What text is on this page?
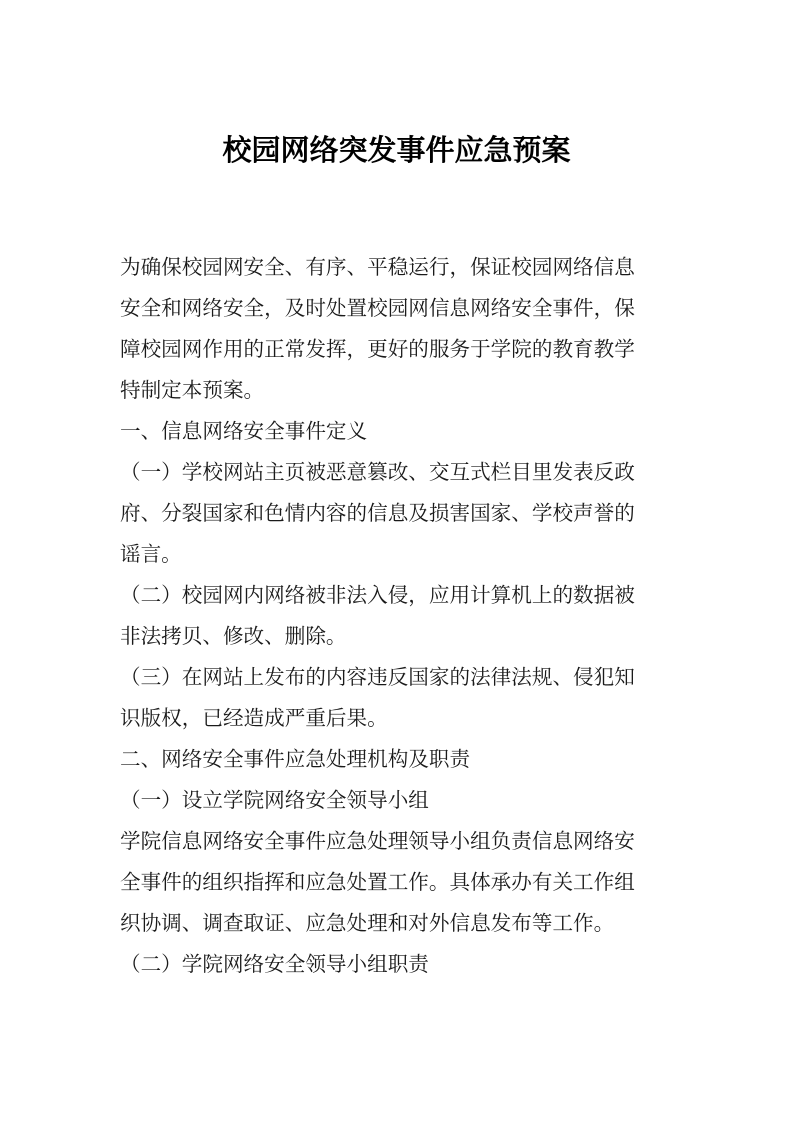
校园网络突发事件应急预案
为确保校园网安全、有序、平稳运行，保证校园网络信息
安全和网络安全，及时处置校园网信息网络安全事件，保
障校园网作用的正常发挥，更好的服务于学院的教育教学
特制定本预案。
一、信息网络安全事件定义
（一）学校网站主页被恶意篡改、交互式栏目里发表反政
府、分裂国家和色情内容的信息及损害国家、学校声誉的
谣言。
（二）校园网内网络被非法入侵，应用计算机上的数据被
非法拷贝、修改、删除。
（三）在网站上发布的内容违反国家的法律法规、侵犯知
识版权，已经造成严重后果。
二、网络安全事件应急处理机构及职责
（一）设立学院网络安全领导小组
学院信息网络安全事件应急处理领导小组负责信息网络安
全事件的组织指挥和应急处置工作。具体承办有关工作组
织协调、调查取证、应急处理和对外信息发布等工作。
（二）学院网络安全领导小组职责
